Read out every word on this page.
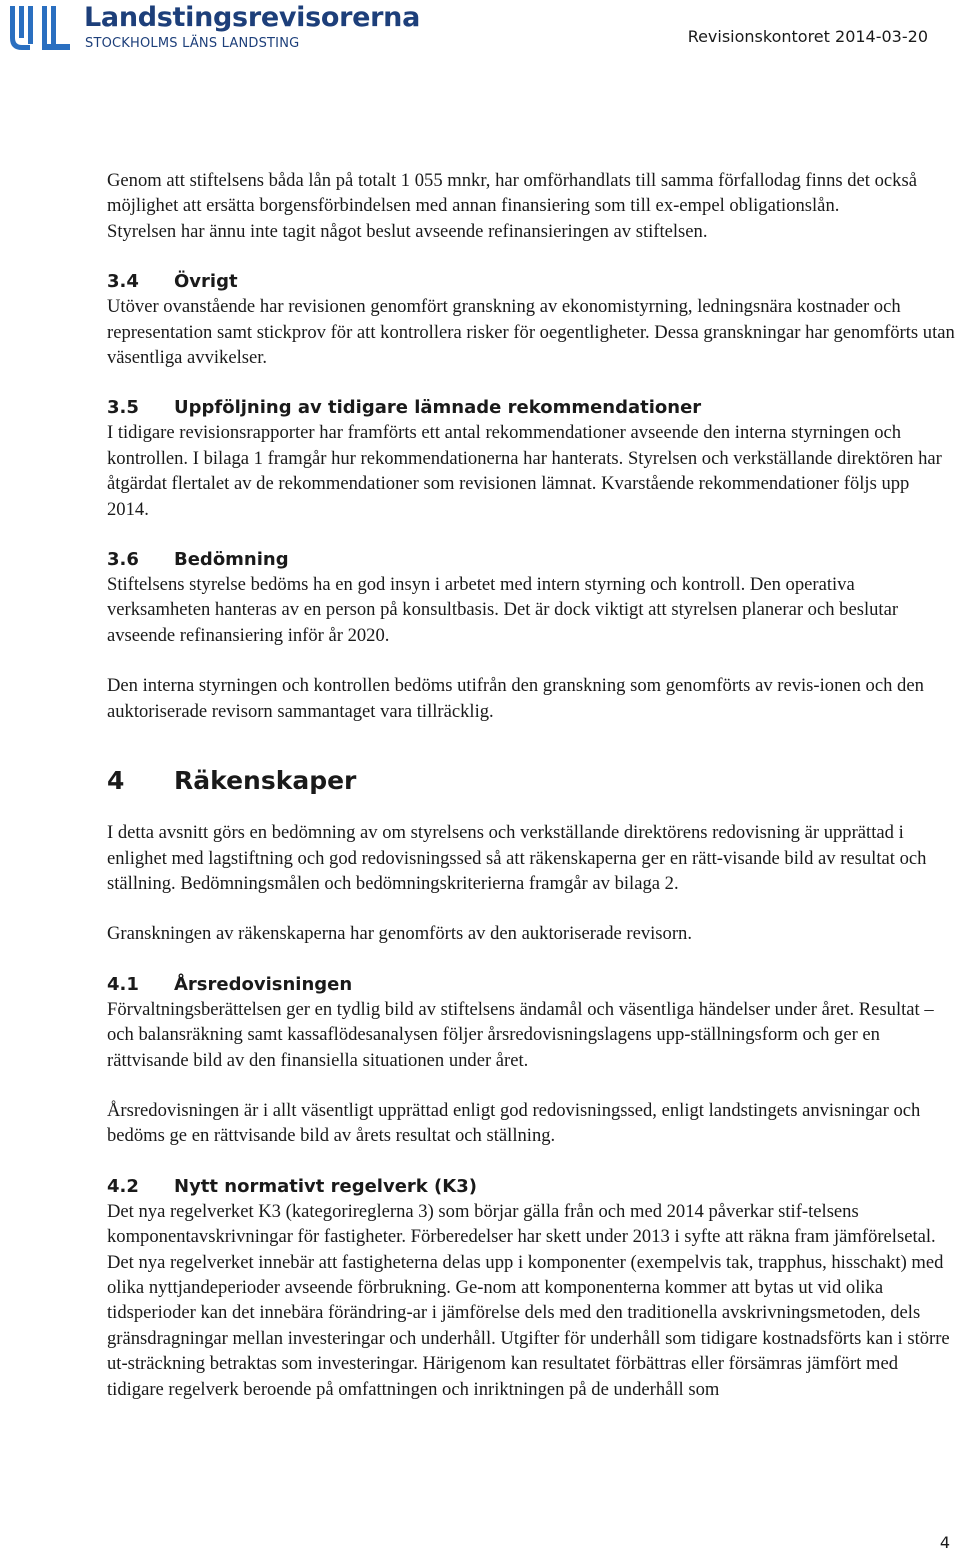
Landstingsrevisorerna
STOCKHOLMS LÄNS LANDSTING	Revisionskontoret 2014-03-20

Genom att stiftelsens båda lån på totalt 1 055 mnkr, har omförhandlats till samma förfallodag finns det också möjlighet att ersätta borgensförbindelsen med annan finansiering som till ex-empel obligationslån.

Styrelsen har ännu inte tagit något beslut avseende refinansieringen av stiftelsen.

3.4 Övrigt

Utöver ovanstående har revisionen genomfört granskning av ekonomistyrning, ledningsnära kostnader och representation samt stickprov för att kontrollera risker för oegentligheter. Dessa granskningar har genomförts utan väsentliga avvikelser.

3.5 Uppföljning av tidigare lämnade rekommendationer

I tidigare revisionsrapporter har framförts ett antal rekommendationer avseende den interna styrningen och kontrollen. I bilaga 1 framgår hur rekommendationerna har hanterats. Styrelsen och verkställande direktören har åtgärdat flertalet av de rekommendationer som revisionen lämnat. Kvarstående rekommendationer följs upp 2014.

3.6 Bedömning

Stiftelsens styrelse bedöms ha en god insyn i arbetet med intern styrning och kontroll. Den operativa verksamheten hanteras av en person på konsultbasis. Det är dock viktigt att styrelsen planerar och beslutar avseende refinansiering inför år 2020.

Den interna styrningen och kontrollen bedöms utifrån den granskning som genomförts av revis-ionen och den auktoriserade revisorn sammantaget vara tillräcklig.

4 Räkenskaper

I detta avsnitt görs en bedömning av om styrelsens och verkställande direktörens redovisning är upprättad i enlighet med lagstiftning och god redovisningssed så att räkenskaperna ger en rätt-visande bild av resultat och ställning. Bedömningsmålen och bedömningskriterierna framgår av bilaga 2.

Granskningen av räkenskaperna har genomförts av den auktoriserade revisorn.

4.1 Årsredovisningen

Förvaltningsberättelsen ger en tydlig bild av stiftelsens ändamål och väsentliga händelser under året. Resultat – och balansräkning samt kassaflödesanalysen följer årsredovisningslagens upp-ställningsform och ger en rättvisande bild av den finansiella situationen under året.

Årsredovisningen är i allt väsentligt upprättad enligt god redovisningssed, enligt landstingets anvisningar och bedöms ge en rättvisande bild av årets resultat och ställning.

4.2 Nytt normativt regelverk (K3)

Det nya regelverket K3 (kategorireglerna 3) som börjar gälla från och med 2014 påverkar stif-telsens komponentavskrivningar för fastigheter. Förberedelser har skett under 2013 i syfte att räkna fram jämförelsetal. Det nya regelverket innebär att fastigheterna delas upp i komponenter (exempelvis tak, trapphus, hisschakt) med olika nyttjandeperioder avseende förbrukning. Ge-nom att komponenterna kommer att bytas ut vid olika tidsperioder kan det innebära förändring-ar i jämförelse dels med den traditionella avskrivningsmetoden, dels gränsdragningar mellan investeringar och underhåll. Utgifter för underhåll som tidigare kostnadsförts kan i större ut-sträckning betraktas som investeringar. Härigenom kan resultatet förbättras eller försämras jämfört med tidigare regelverk beroende på omfattningen och inriktningen på de underhåll som

4
